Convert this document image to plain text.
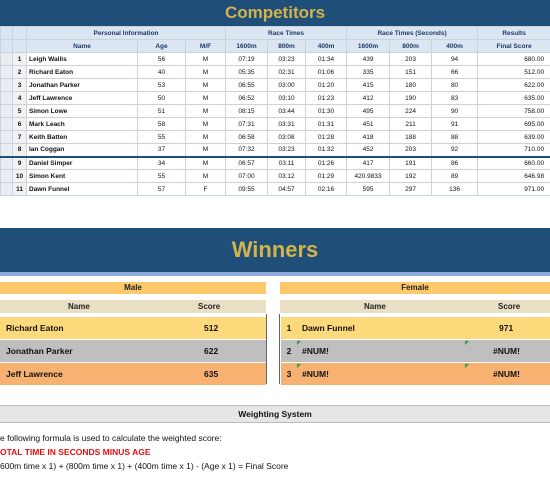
Competitors
		Personal Information			Race Times			Race Times (Seconds)			Results
		Name	Age	M/F	1600m	800m	400m	1600m	800m	400m	Final Score
	1	Leigh Wallis	56	M	07:19	03:23	01:34	439	203	94	680.00
	2	Richard Eaton	40	M	05:35	02:31	01:06	335	151	66	512.00
	3	Jonathan Parker	53	M	06:55	03:00	01:20	415	180	80	622.00
	4	Jeff Lawrence	50	M	06:52	03:10	01:23	412	190	83	635.00
	5	Simon Lowe	51	M	08:15	03:44	01:30	495	224	90	758.00
	6	Mark Leach	58	M	07:31	03:31	01:31	451	211	91	695.00
	7	Keith Batten	55	M	06:58	03:08	01:28	418	188	88	639.00
	8	Ian Coggan	37	M	07:32	03:23	01:32	452	203	92	710.00
	9	Daniel Simper	34	M	06:57	03:11	01:26	417	191	86	660.00
	10	Simon Kent	55	M	07:00	03:12	01:29	420.9833	192	89	646.98
	11	Dawn Funnel	57	F	09:55	04:57	02:16	595	297	136	971.00
Winners
Male	Female
Name	Score	Name	Score
Richard Eaton	512
Jonathan Parker	622
Jeff Lawrence	635
1	Dawn Funnel	971
2	#NUM!	#NUM!
3	#NUM!	#NUM!
Weighting System
e following formula is used to calculate the weighted score:
OTAL TIME IN SECONDS MINUS AGE
600m time x 1) + (800m time x 1) + (400m time x 1) - (Age x 1) = Final Score
